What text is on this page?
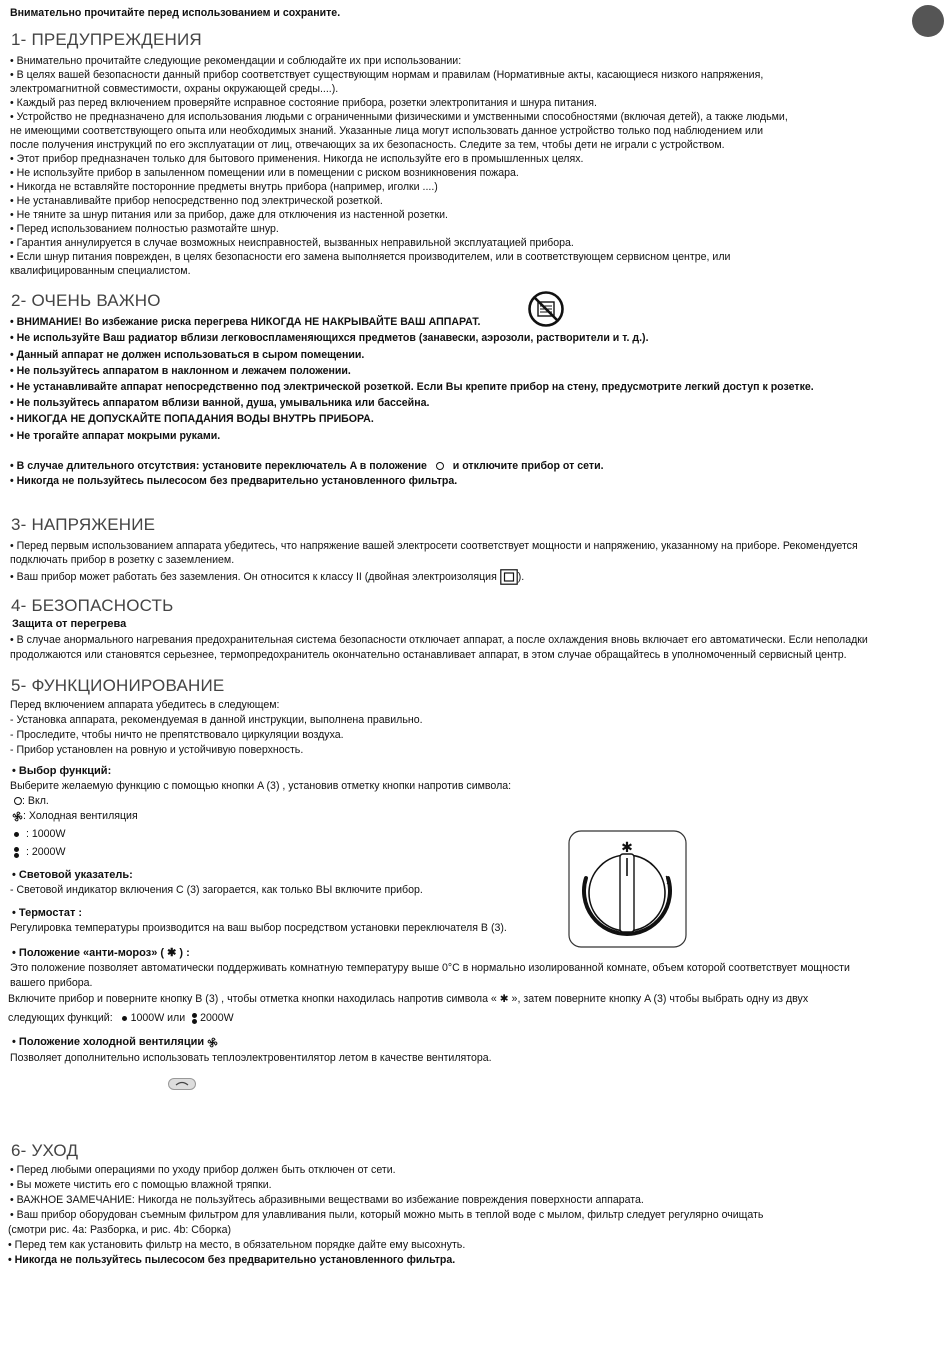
Внимательно прочитайте перед использованием и сохраните.
1- ПРЕДУПРЕЖДЕНИЯ
• Внимательно прочитайте следующие рекомендации и соблюдайте их при использовании:
• В целях вашей безопасности данный прибор соответствует существующим нормам и правилам (Нормативные акты, касающиеся низкого напряжения,
электромагнитной совместимости, охраны окружающей среды....).
• Каждый раз перед включением проверяйте исправное состояние прибора, розетки электропитания и шнура питания.
• Устройство не предназначено для использования людьми с ограниченными физическими и умственными способностями (включая детей), а также людьми,
не имеющими соответствующего опыта или необходимых знаний. Указанные лица могут использовать данное устройство только под наблюдением или
после получения инструкций по его эксплуатации от лиц, отвечающих за их безопасность. Следите за тем, чтобы дети не играли с устройством.
• Этот прибор предназначен только для бытового применения. Никогда не используйте его в промышленных целях.
• Не используйте прибор в запыленном помещении или в помещении с риском возникновения пожара.
• Никогда не вставляйте посторонние предметы внутрь прибора (например, иголки ....)
• Не устанавливайте прибор непосредственно под электрической розеткой.
• Не тяните за шнур питания или за прибор, даже для отключения из настенной розетки.
• Перед использованием полностью размотайте шнур.
• Гарантия аннулируется в случае возможных неисправностей, вызванных неправильной эксплуатацией прибора.
• Если шнур питания поврежден, в целях безопасности его замена выполняется производителем, или в соответствующем сервисном центре, или
квалифицированным специалистом.
2- ОЧЕНЬ ВАЖНО
• ВНИМАНИЕ! Во избежание риска перегрева НИКОГДА НЕ НАКРЫВАЙТЕ ВАШ АППАРАТ.
• Не используйте Ваш радиатор вблизи легковоспламеняющихся предметов (занавески, аэрозоли, растворители и т. д.).
• Данный аппарат не должен использоваться в сыром помещении.
• Не пользуйтесь аппаратом в наклонном и лежачем положении.
• Не устанавливайте аппарат непосредственно под электрической розеткой. Если Вы крепите прибор на стену, предусмотрите легкий доступ к розетке.
• Не пользуйтесь аппаратом вблизи ванной, душа, умывальника или бассейна.
• НИКОГДА НЕ ДОПУСКАЙТЕ ПОПАДАНИЯ ВОДЫ ВНУТРЬ ПРИБОРА.
• Не трогайте аппарат мокрыми руками.
• В случае длительного отсутствия: установите переключатель A в положение и отключите прибор от сети.
• Никогда не пользуйтесь пылесосом без предварительно установленного фильтра.
3- НАПРЯЖЕНИЕ
• Перед первым использованием аппарата убедитесь, что напряжение вашей электросети соответствует мощности и напряжению, указанному на приборе. Рекомендуется
подключать прибор в розетку с заземлением.
• Ваш прибор может работать без заземления. Он относится к классу II (двойная электроизоляция ).
4- БЕЗОПАСНОСТЬ
Защита от перегрева
• В случае анормального нагревания предохранительная система безопасности отключает аппарат, а после охлаждения вновь включает его автоматически. Если неполадки
продолжаются или становятся серьезнее, термопредохранитель окончательно останавливает аппарат, в этом случае обращайтесь в уполномоченный сервисный центр.
5- ФУНКЦИОНИРОВАНИЕ
Перед включением аппарата убедитесь в следующем:
- Установка аппарата, рекомендуемая в данной инструкции, выполнена правильно.
- Проследите, чтобы ничто не препятствовало циркуляции воздуха.
- Прибор установлен на ровную и устойчивую поверхность.
• Выбор функций:
Выберите желаемую функцию с помощью кнопки A (3) , установив отметку кнопки напротив символа:
: Вкл.
: Холодная вентиляция
: 1000W
: 2000W
• Световой указатель:
- Световой индикатор включения C (3) загорается, как только ВЫ включите прибор.
• Термостат :
Регулировка температуры производится на ваш выбор посредством установки переключателя B (3).
✱
• Положение «анти-мороз» ( ✱ ) :
Это положение позволяет автоматически поддерживать комнатную температуру выше 0°C в нормально изолированной комнате, объем которой соответствует мощности
вашего прибора.
Включите прибор и поверните кнопку B (3) , чтобы отметка кнопки находилась напротив символа « ✱ », затем поверните кнопку A (3) чтобы выбрать одну из двух
следующих функций: 1000W или 2000W
• Положение холодной вентиляции
Позволяет дополнительно использовать теплоэлектровентилятор летом в качестве вентилятора.
6- УХОД
• Перед любыми операциями по уходу прибор должен быть отключен от сети.
• Вы можете чистить его с помощью влажной тряпки.
• ВАЖНОЕ ЗАМЕЧАНИЕ: Никогда не пользуйтесь абразивными веществами во избежание повреждения поверхности аппарата.
• Ваш прибор оборудован съемным фильтром для улавливания пыли, который можно мыть в теплой воде с мылом, фильтр следует регулярно очищать
(смотри рис. 4а: Разборка, и рис. 4b: Сборка)
• Перед тем как установить фильтр на место, в обязательном порядке дайте ему высохнуть.
• Никогда не пользуйтесь пылесосом без предварительно установленного фильтра.
